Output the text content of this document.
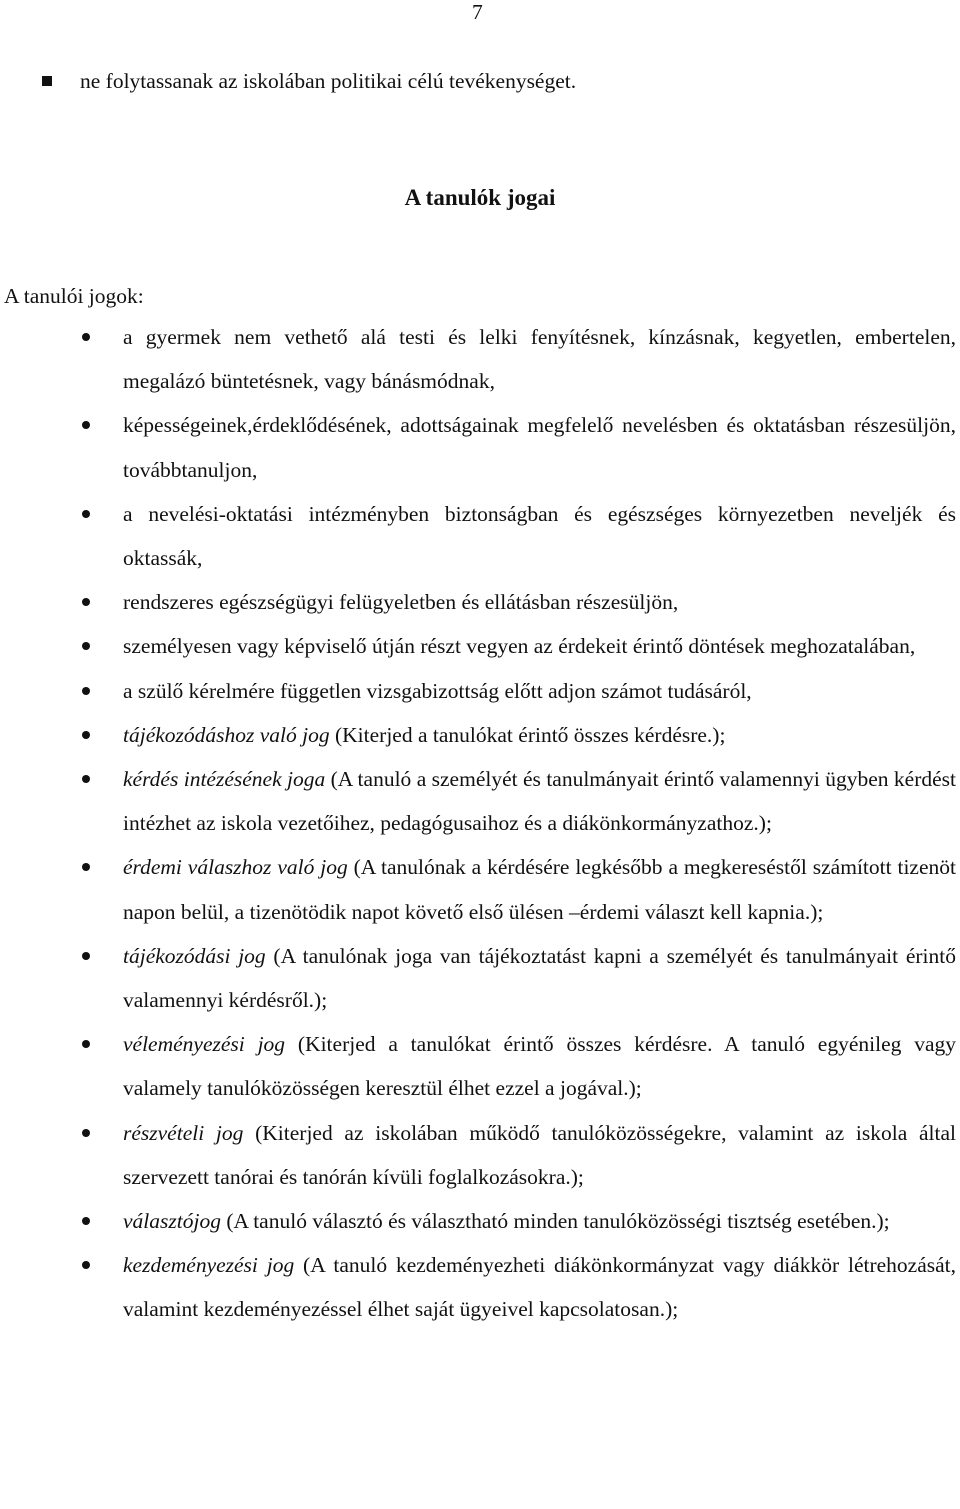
7
ne folytassanak az iskolában politikai célú tevékenységet.
A tanulók jogai
A tanulói jogok:
a gyermek nem vethető alá testi és lelki fenyítésnek, kínzásnak, kegyetlen, embertelen, megalázó büntetésnek, vagy bánásmódnak,
képességeinek,érdeklődésének, adottságainak megfelelő nevelésben és oktatásban részesüljön, továbbtanuljon,
a nevelési-oktatási intézményben biztonságban és egészséges környezetben neveljék és oktassák,
rendszeres egészségügyi felügyeletben és ellátásban részesüljön,
személyesen vagy képviselő útján részt vegyen az érdekeit érintő döntések meghozatalában,
a szülő kérelmére független vizsgabizottság előtt adjon számot tudásáról,
tájékozódáshoz való jog (Kiterjed a tanulókat érintő összes kérdésre.);
kérdés intézésének joga (A tanuló a személyét és tanulmányait érintő valamennyi ügyben kérdést intézhet az iskola vezetőihez, pedagógusaihoz és a diákönkormányzathoz.);
érdemi válaszhoz való jog (A tanulónak a kérdésére legkésőbb a megkereséstől számított tizenöt napon belül, a tizenötödik napot követő első ülésen –érdemi választ kell kapnia.);
tájékozódási jog (A tanulónak joga van tájékoztatást kapni a személyét és tanulmányait érintő valamennyi kérdésről.);
véleményezési jog (Kiterjed a tanulókat érintő összes kérdésre. A tanuló egyénileg vagy valamely tanulóközösségen keresztül élhet ezzel a jogával.);
részvételi jog (Kiterjed az iskolában működő tanulóközösségekre, valamint az iskola által szervezett tanórai és tanórán kívüli foglalkozásokra.);
választójog (A tanuló választó és választható minden tanulóközösségi tisztség esetében.);
kezdeményezési jog (A tanuló kezdeményezheti diákönkormányzat vagy diákkör létrehozását, valamint kezdeményezéssel élhet saját ügyeivel kapcsolatosan.);
